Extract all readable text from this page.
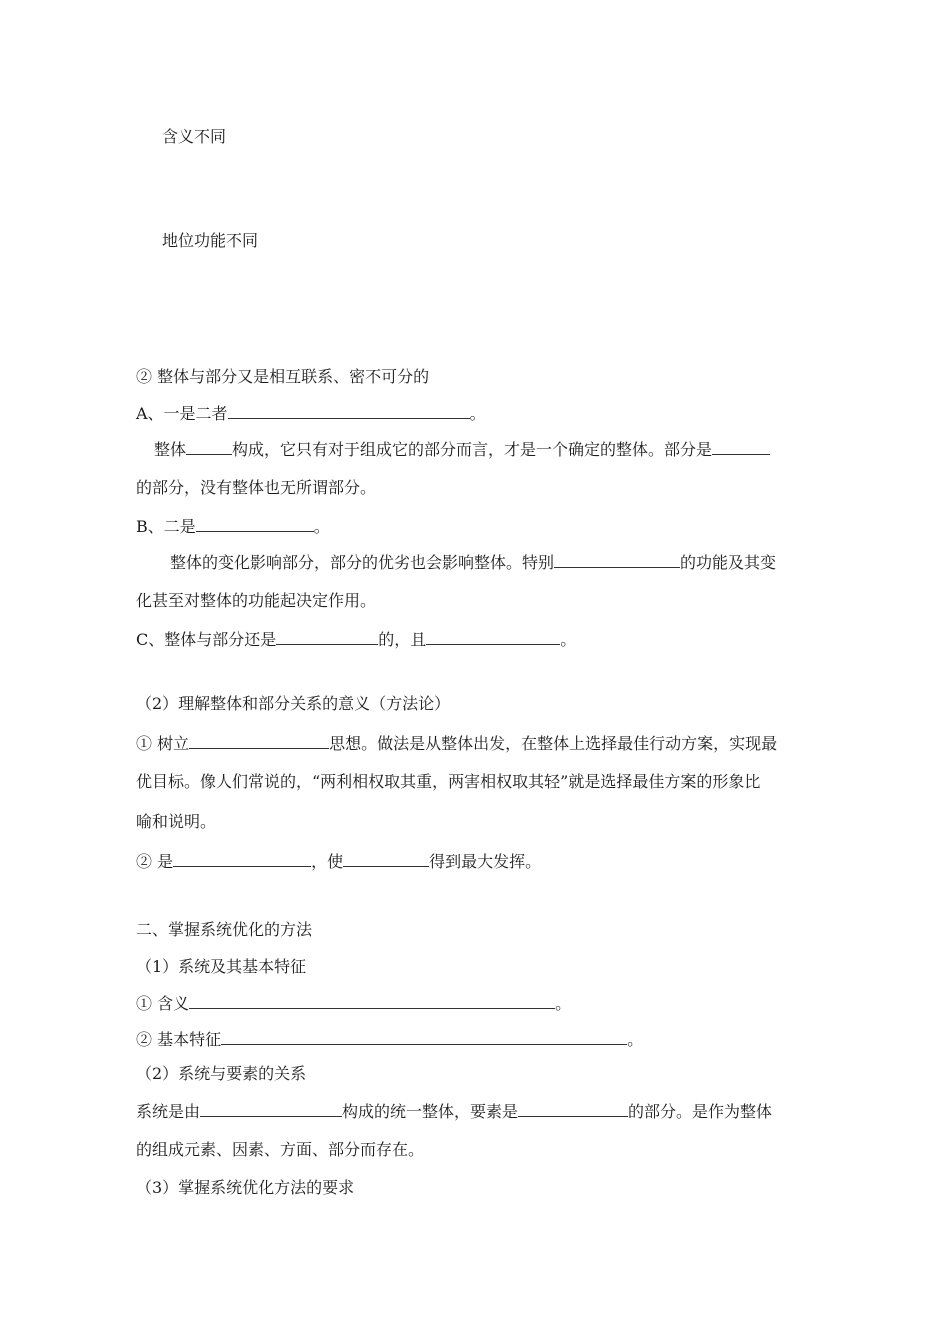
含义不同
地位功能不同
② 整体与部分又是相互联系、密不可分的
A、一是二者	。
整体	构成，它只有对于组成它的部分而言，才是一个确定的整体。部分是
的部分，没有整体也无所谓部分。
B、二是	。
整体的变化影响部分，部分的优劣也会影响整体。特别	的功能及其变
化甚至对整体的功能起决定作用。
C、整体与部分还是	的，且	。
（2）理解整体和部分关系的意义（方法论）
① 树立	思想。做法是从整体出发，在整体上选择最佳行动方案，实现最
优目标。像人们常说的，“两利相权取其重，两害相权取其轻”就是选择最佳方案的形象比
喻和说明。
② 是	，使	得到最大发挥。
二、掌握系统优化的方法
（1）系统及其基本特征
① 含义	。
② 基本特征	。
（2）系统与要素的关系
系统是由	构成的统一整体，要素是	的部分。是作为整体
的组成元素、因素、方面、部分而存在。
（3）掌握系统优化方法的要求
